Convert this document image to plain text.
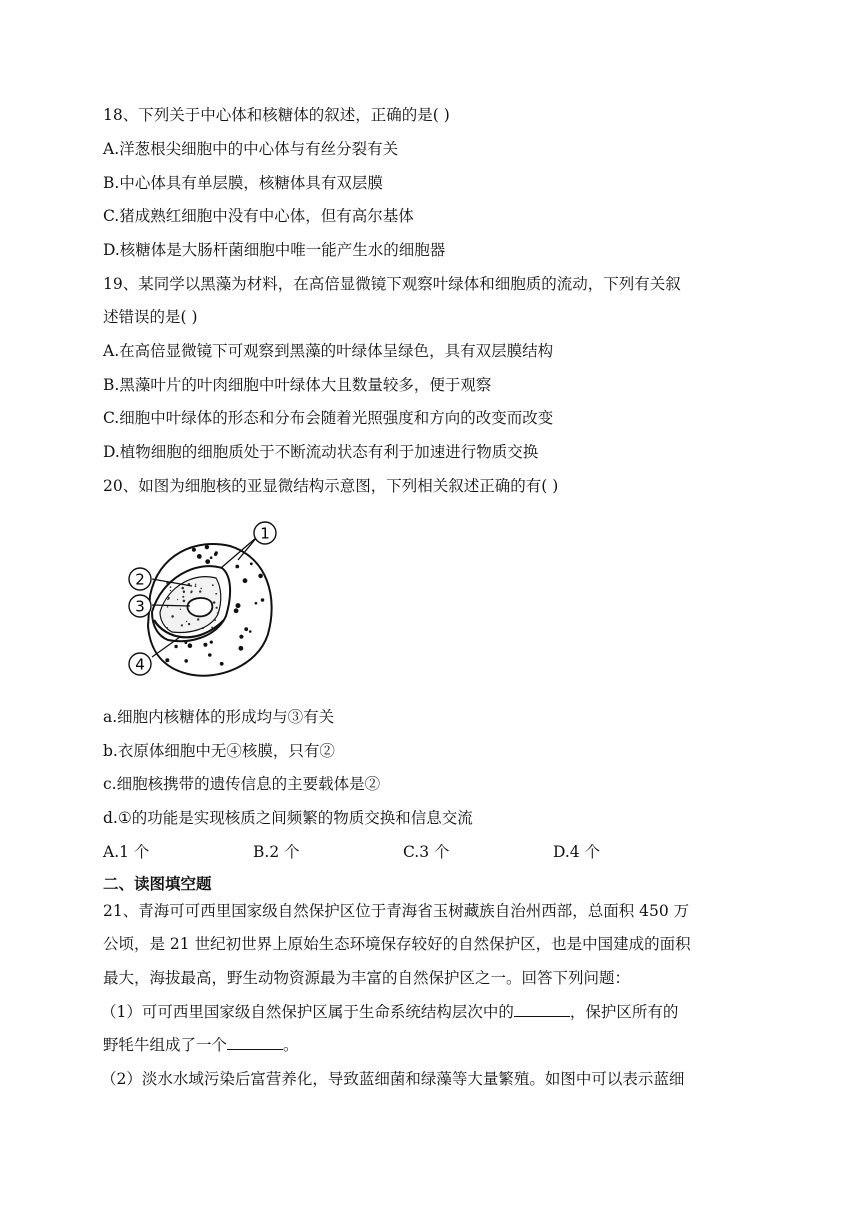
18、下列关于中心体和核糖体的叙述，正确的是( )
A.洋葱根尖细胞中的中心体与有丝分裂有关
B.中心体具有单层膜，核糖体具有双层膜
C.猪成熟红细胞中没有中心体，但有高尔基体
D.核糖体是大肠杆菌细胞中唯一能产生水的细胞器
19、某同学以黑藻为材料，在高倍显微镜下观察叶绿体和细胞质的流动，下列有关叙
述错误的是( )
A.在高倍显微镜下可观察到黑藻的叶绿体呈绿色，具有双层膜结构
B.黑藻叶片的叶肉细胞中叶绿体大且数量较多，便于观察
C.细胞中叶绿体的形态和分布会随着光照强度和方向的改变而改变
D.植物细胞的细胞质处于不断流动状态有利于加速进行物质交换
20、如图为细胞核的亚显微结构示意图，下列相关叙述正确的有( )
1
2
3
4
a.细胞内核糖体的形成均与③有关
b.衣原体细胞中无④核膜，只有②
c.细胞核携带的遗传信息的主要载体是②
d.①的功能是实现核质之间频繁的物质交换和信息交流
A.1 个	B.2 个	C.3 个	D.4 个
二、读图填空题
21、青海可可西里国家级自然保护区位于青海省玉树藏族自治州西部，总面积 450 万
公顷，是 21 世纪初世界上原始生态环境保存较好的自然保护区，也是中国建成的面积
最大，海拔最高，野生动物资源最为丰富的自然保护区之一。回答下列问题：
（1）可可西里国家级自然保护区属于生命系统结构层次中的	，保护区所有的
野牦牛组成了一个	。
（2）淡水水域污染后富营养化，导致蓝细菌和绿藻等大量繁殖。如图中可以表示蓝细
